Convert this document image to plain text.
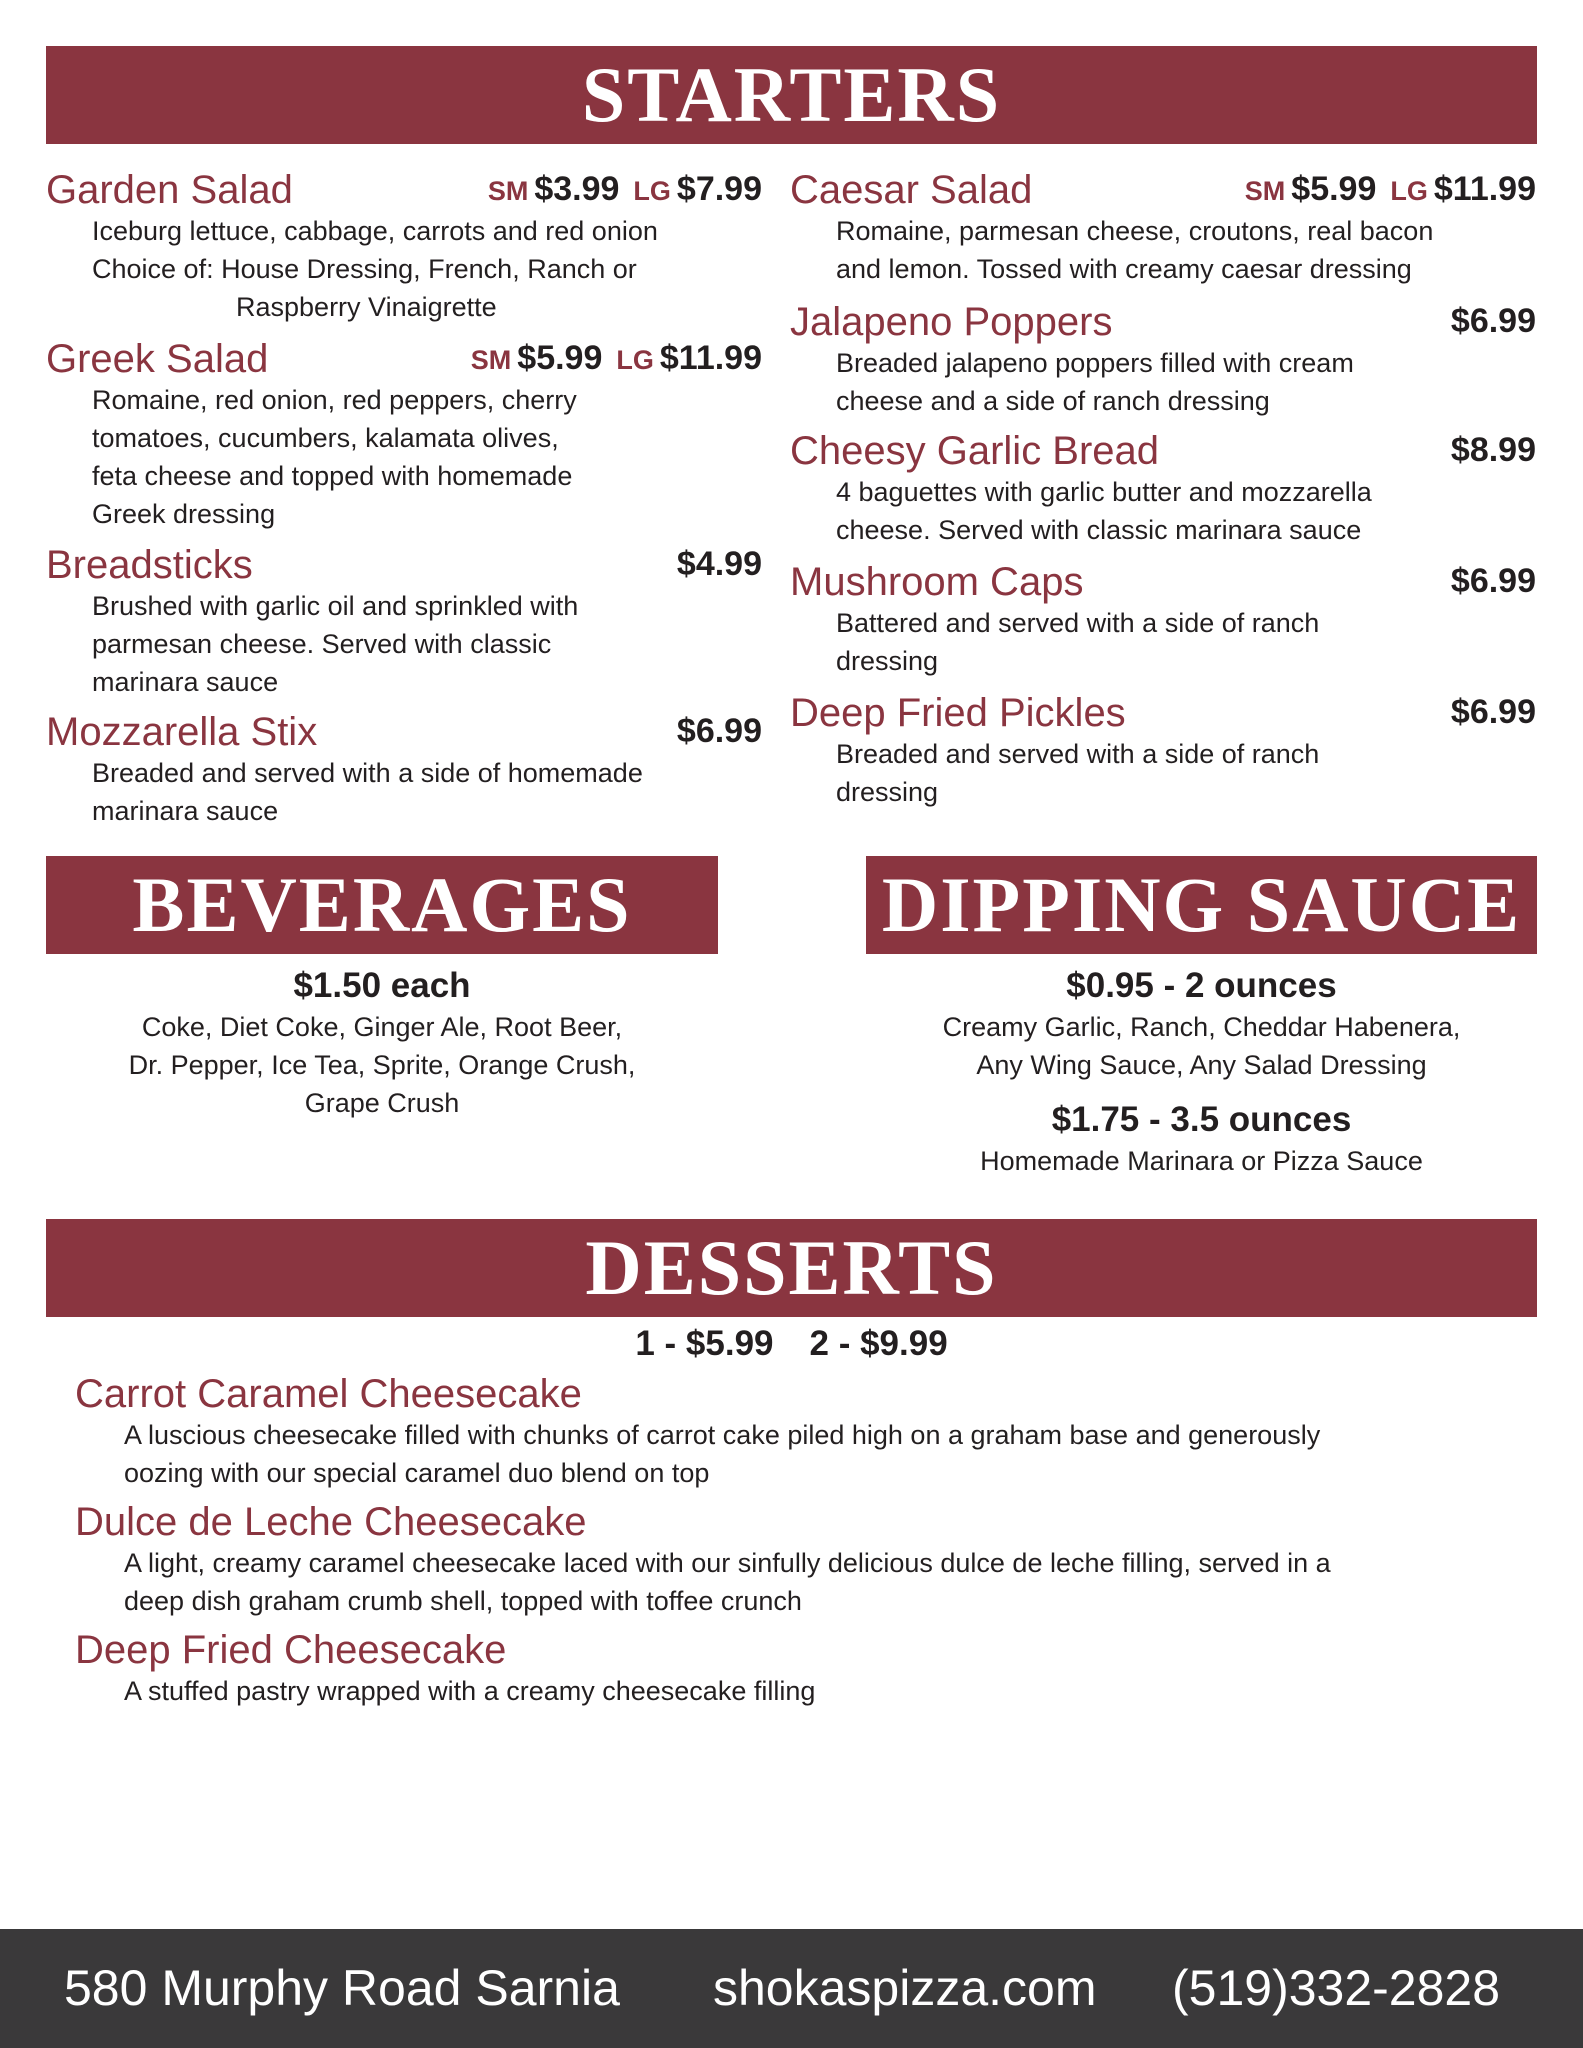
STARTERS
Garden Salad	SM $3.99 LG $7.99
Iceburg lettuce, cabbage, carrots and red onion
Choice of: House Dressing, French, Ranch or
Raspberry Vinaigrette
Greek Salad	SM $5.99 LG $11.99
Romaine, red onion, red peppers, cherry
tomatoes, cucumbers, kalamata olives,
feta cheese and topped with homemade
Greek dressing
Breadsticks	$4.99
Brushed with garlic oil and sprinkled with
parmesan cheese. Served with classic
marinara sauce
Mozzarella Stix	$6.99
Breaded and served with a side of homemade
marinara sauce
Caesar Salad	SM $5.99 LG $11.99
Romaine, parmesan cheese, croutons, real bacon
and lemon. Tossed with creamy caesar dressing
Jalapeno Poppers	$6.99
Breaded jalapeno poppers filled with cream
cheese and a side of ranch dressing
Cheesy Garlic Bread	$8.99
4 baguettes with garlic butter and mozzarella
cheese. Served with classic marinara sauce
Mushroom Caps	$6.99
Battered and served with a side of ranch
dressing
Deep Fried Pickles	$6.99
Breaded and served with a side of ranch
dressing
BEVERAGES
$1.50 each
Coke, Diet Coke, Ginger Ale, Root Beer,
Dr. Pepper, Ice Tea, Sprite, Orange Crush,
Grape Crush
DIPPING SAUCE
$0.95 - 2 ounces
Creamy Garlic, Ranch, Cheddar Habenera,
Any Wing Sauce, Any Salad Dressing
$1.75 - 3.5 ounces
Homemade Marinara or Pizza Sauce
DESSERTS
1 - $5.99 2 - $9.99
Carrot Caramel Cheesecake
A luscious cheesecake filled with chunks of carrot cake piled high on a graham base and generously
oozing with our special caramel duo blend on top
Dulce de Leche Cheesecake
A light, creamy caramel cheesecake laced with our sinfully delicious dulce de leche filling, served in a
deep dish graham crumb shell, topped with toffee crunch
Deep Fried Cheesecake
A stuffed pastry wrapped with a creamy cheesecake filling
580 Murphy Road Sarnia shokaspizza.com (519)332-2828
